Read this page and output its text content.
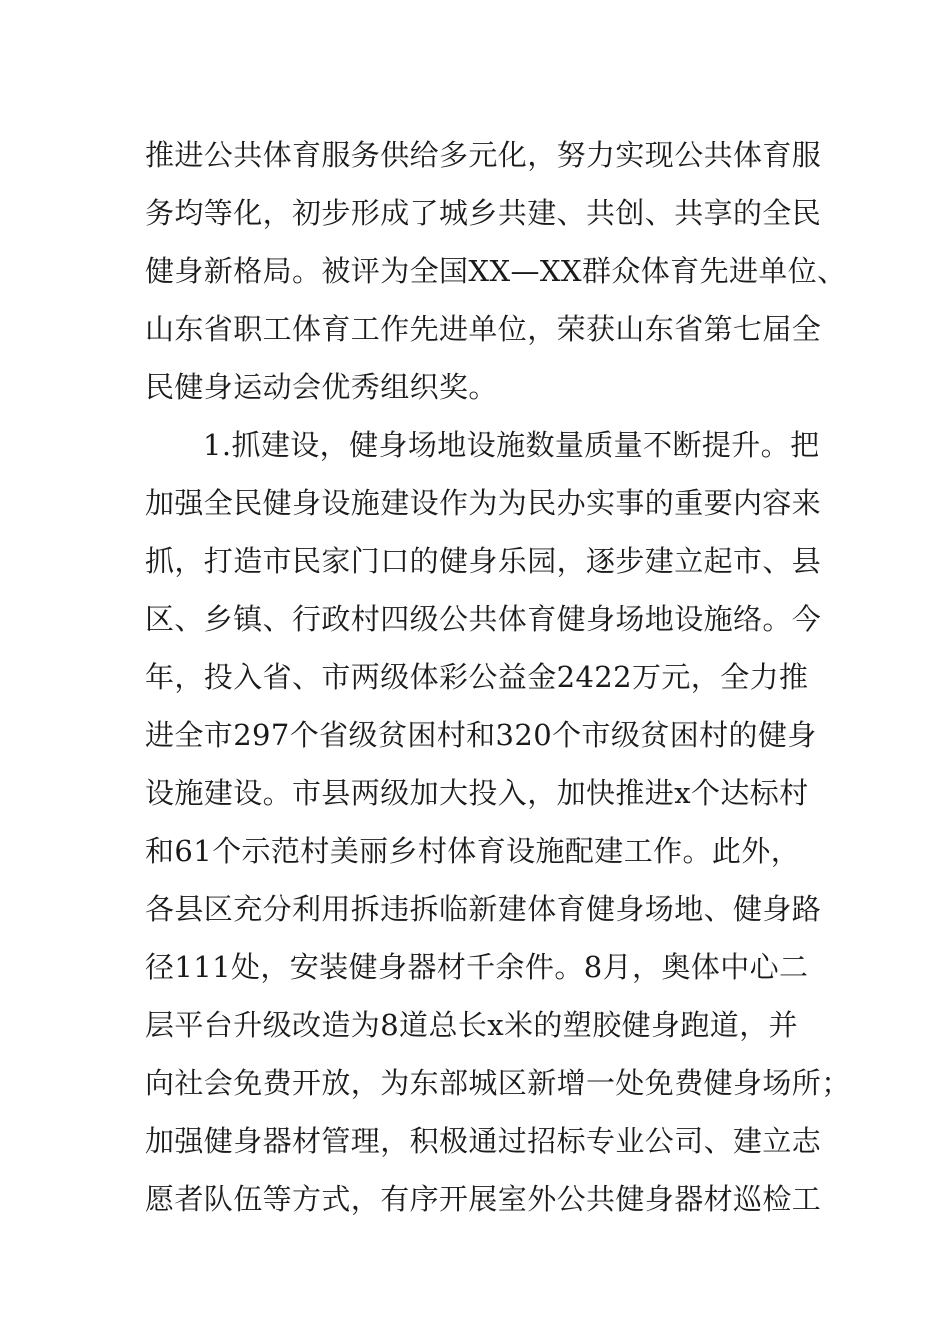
推进公共体育服务供给多元化，努力实现公共体育服
务均等化，初步形成了城乡共建、共创、共享的全民
健身新格局。被评为全国XX—XX群众体育先进单位、
山东省职工体育工作先进单位，荣获山东省第七届全
民健身运动会优秀组织奖。
1.抓建设，健身场地设施数量质量不断提升。把
加强全民健身设施建设作为为民办实事的重要内容来
抓，打造市民家门口的健身乐园，逐步建立起市、县
区、乡镇、行政村四级公共体育健身场地设施络。今
年，投入省、市两级体彩公益金2422万元，全力推
进全市297个省级贫困村和320个市级贫困村的健身
设施建设。市县两级加大投入，加快推进x个达标村
和61个示范村美丽乡村体育设施配建工作。此外，
各县区充分利用拆违拆临新建体育健身场地、健身路
径111处，安装健身器材千余件。8月，奥体中心二
层平台升级改造为8道总长x米的塑胶健身跑道，并
向社会免费开放，为东部城区新增一处免费健身场所；
加强健身器材管理，积极通过招标专业公司、建立志
愿者队伍等方式，有序开展室外公共健身器材巡检工
